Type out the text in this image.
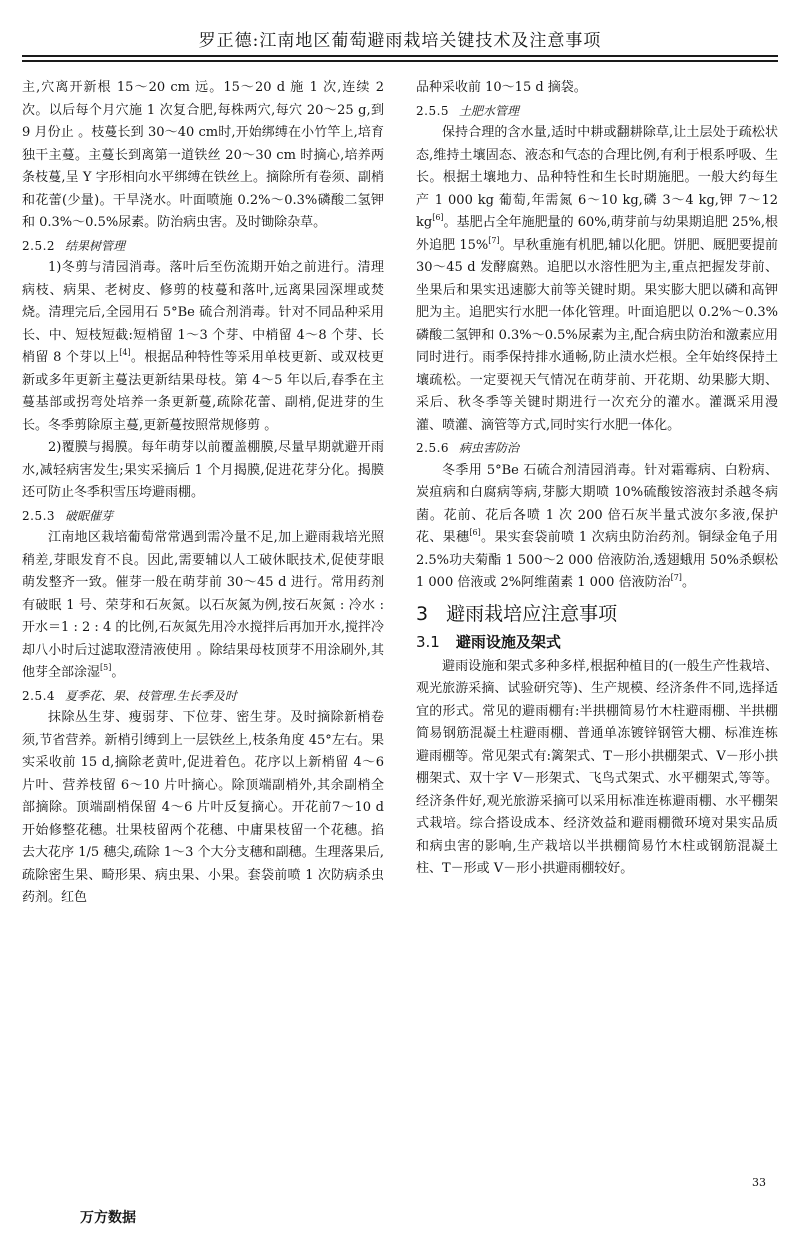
罗正德:江南地区葡萄避雨栽培关键技术及注意事项

主,穴离开新根 15～20 cm 远。15～20 d 施 1 次,连续 2 次。以后每个月穴施 1 次复合肥,每株两穴,每穴 20～25 g,到 9 月份止 。枝蔓长到 30～40 cm时,开始绑缚在小竹竿上,培育独干主蔓。主蔓长到离第一道铁丝 20～30 cm 时摘心,培养两条枝蔓,呈 Y 字形相向水平绑缚在铁丝上。摘除所有卷须、副梢和花蕾(少量)。干旱浇水。叶面喷施 0.2%～0.3%磷酸二氢钾和 0.3%～0.5%尿素。防治病虫害。及时锄除杂草。

2.5.2 结果树管理

1)冬剪与清园消毒。落叶后至伤流期开始之前进行。清理病枝、病果、老树皮、修剪的枝蔓和落叶,远离果园深埋或焚烧。清理完后,全园用石 5°Be 硫合剂消毒。针对不同品种采用长、中、短枝短截:短梢留 1～3 个芽、中梢留 4～8 个芽、长梢留 8 个芽以上[4]。根据品种特性等采用单枝更新、或双枝更新或多年更新主蔓法更新结果母枝。第 4～5 年以后,春季在主蔓基部或拐弯处培养一条更新蔓,疏除花蕾、副梢,促进芽的生长。冬季剪除原主蔓,更新蔓按照常规修剪 。

2)覆膜与揭膜。每年萌芽以前覆盖棚膜,尽量早期就避开雨水,减轻病害发生;果实采摘后 1 个月揭膜,促进花芽分化。揭膜还可防止冬季积雪压垮避雨棚。

2.5.3 破眠催芽

江南地区栽培葡萄常常遇到需冷量不足,加上避雨栽培光照稍差,芽眼发育不良。因此,需要辅以人工破休眠技术,促使芽眼萌发整齐一致。催芽一般在萌芽前 30～45 d 进行。常用药剂有破眠 1 号、荣芽和石灰氮。以石灰氮为例,按石灰氮 : 冷水 : 开水＝1 : 2 : 4 的比例,石灰氮先用冷水搅拌后再加开水,搅拌冷却八小时后过滤取澄清液使用 。除结果母枝顶芽不用涂刷外,其他芽全部涂湿[5]。

2.5.4 夏季花、果、枝管理.生长季及时

抹除丛生芽、瘦弱芽、下位芽、密生芽。及时摘除新梢卷须,节省营养。新梢引缚到上一层铁丝上,枝条角度 45°左右。果实采收前 15 d,摘除老黄叶,促进着色。花序以上新梢留 4～6 片叶、营养枝留 6～10 片叶摘心。除顶端副梢外,其余副梢全部摘除。顶端副梢保留 4～6 片叶反复摘心。开花前7～10 d 开始修整花穗。壮果枝留两个花穗、中庸果枝留一个花穗。掐去大花序 1/5 穗尖,疏除 1～3 个大分支穗和副穗。生理落果后,疏除密生果、畸形果、病虫果、小果。套袋前喷 1 次防病杀虫药剂。红色

品种采收前 10～15 d 摘袋。

2.5.5 土肥水管理

保持合理的含水量,适时中耕或翻耕除草,让土层处于疏松状态,维持土壤固态、液态和气态的合理比例,有利于根系呼吸、生长。根据土壤地力、品种特性和生长时期施肥。一般大约每生产 1 000 kg 葡萄,年需氮 6～10 kg,磷 3～4 kg,钾 7～12 kg[6]。基肥占全年施肥量的 60%,萌芽前与幼果期追肥 25%,根外追肥 15%[7]。早秋重施有机肥,辅以化肥。饼肥、厩肥要提前 30～45 d 发酵腐熟。追肥以水溶性肥为主,重点把握发芽前、坐果后和果实迅速膨大前等关键时期。果实膨大肥以磷和高钾肥为主。追肥实行水肥一体化管理。叶面追肥以 0.2%～0.3%磷酸二氢钾和 0.3%～0.5%尿素为主,配合病虫防治和激素应用同时进行。雨季保持排水通畅,防止渍水烂根。全年始终保持土壤疏松。一定要视天气情况在萌芽前、开花期、幼果膨大期、采后、秋冬季等关键时期进行一次充分的灌水。灌溉采用漫灌、喷灌、滴管等方式,同时实行水肥一体化。

2.5.6 病虫害防治

冬季用 5°Be 石硫合剂清园消毒。针对霜霉病、白粉病、炭疽病和白腐病等病,芽膨大期喷 10%硫酸铵溶液封杀越冬病菌。花前、花后各喷 1 次 200 倍石灰半量式波尔多液,保护花、果穗[6]。果实套袋前喷 1 次病虫防治药剂。铜绿金龟子用 2.5%功夫菊酯 1 500～2 000 倍液防治,透翅蛾用 50%杀螟松 1 000 倍液或 2%阿维菌素 1 000 倍液防治[7]。

3 避雨栽培应注意事项
3.1 避雨设施及架式

避雨设施和架式多种多样,根据种植目的(一般生产性栽培、观光旅游采摘、试验研究等)、生产规模、经济条件不同,选择适宜的形式。常见的避雨棚有:半拱棚简易竹木柱避雨棚、半拱棚简易钢筋混凝土柱避雨棚、普通单冻镀锌钢管大棚、标准连栋避雨棚等。常见架式有:篱架式、T－形小拱棚架式、V－形小拱棚架式、双十字 V－形架式、飞鸟式架式、水平棚架式,等等。经济条件好,观光旅游采摘可以采用标准连栋避雨棚、水平棚架式栽培。综合搭设成本、经济效益和避雨棚微环境对果实品质和病虫害的影响,生产栽培以半拱棚简易竹木柱或钢筋混凝土柱、T－形或 V－形小拱避雨棚较好。

33
万方数据
